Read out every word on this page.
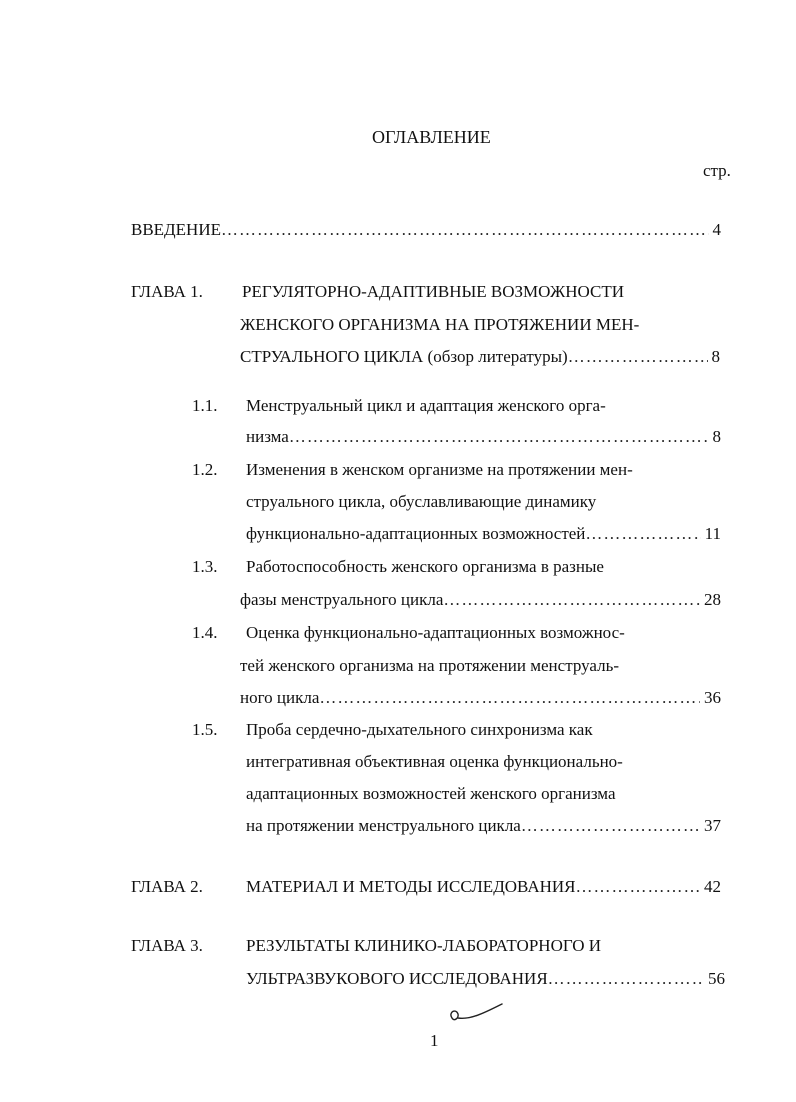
ОГЛАВЛЕНИЕ
стр.
ВВЕДЕНИЕ ……………………………………………………………………………………………………………………………………	4
ГЛАВА 1. РЕГУЛЯТОРНО-АДАПТИВНЫЕ ВОЗМОЖНОСТИ
ЖЕНСКОГО ОРГАНИЗМА НА ПРОТЯЖЕНИИ МЕН-
СТРУАЛЬНОГО ЦИКЛА (обзор литературы) ……………………………………………………………………………………………………………………………………	8
1.1. Менструальный цикл и адаптация женского орга-
низма ……………………………………………………………………………………………………………………………………	8
1.2. Изменения в женском организме на протяжении мен-
струального цикла, обуславливающие динамику
функционально-адаптационных возможностей ……………………………………………………………………………………………………………………………………	11
1.3. Работоспособность женского организма в разные
фазы менструального цикла ……………………………………………………………………………………………………………………………………	28
1.4. Оценка функционально-адаптационных возможнос-
тей женского организма на протяжении менструаль-
ного цикла ……………………………………………………………………………………………………………………………………	36
1.5. Проба сердечно-дыхательного синхронизма как
интегративная объективная оценка функционально-
адаптационных возможностей женского организма
на протяжении менструального цикла ……………………………………………………………………………………………………………………………………	37
ГЛАВА 2.	МАТЕРИАЛ И МЕТОДЫ ИССЛЕДОВАНИЯ ……………………………………………………………………………………………………………………………………	42
ГЛАВА 3.	РЕЗУЛЬТАТЫ КЛИНИКО-ЛАБОРАТОРНОГО И
УЛЬТРАЗВУКОВОГО ИССЛЕДОВАНИЯ ……………………………………………………………………………………………………………………………………	56
1
